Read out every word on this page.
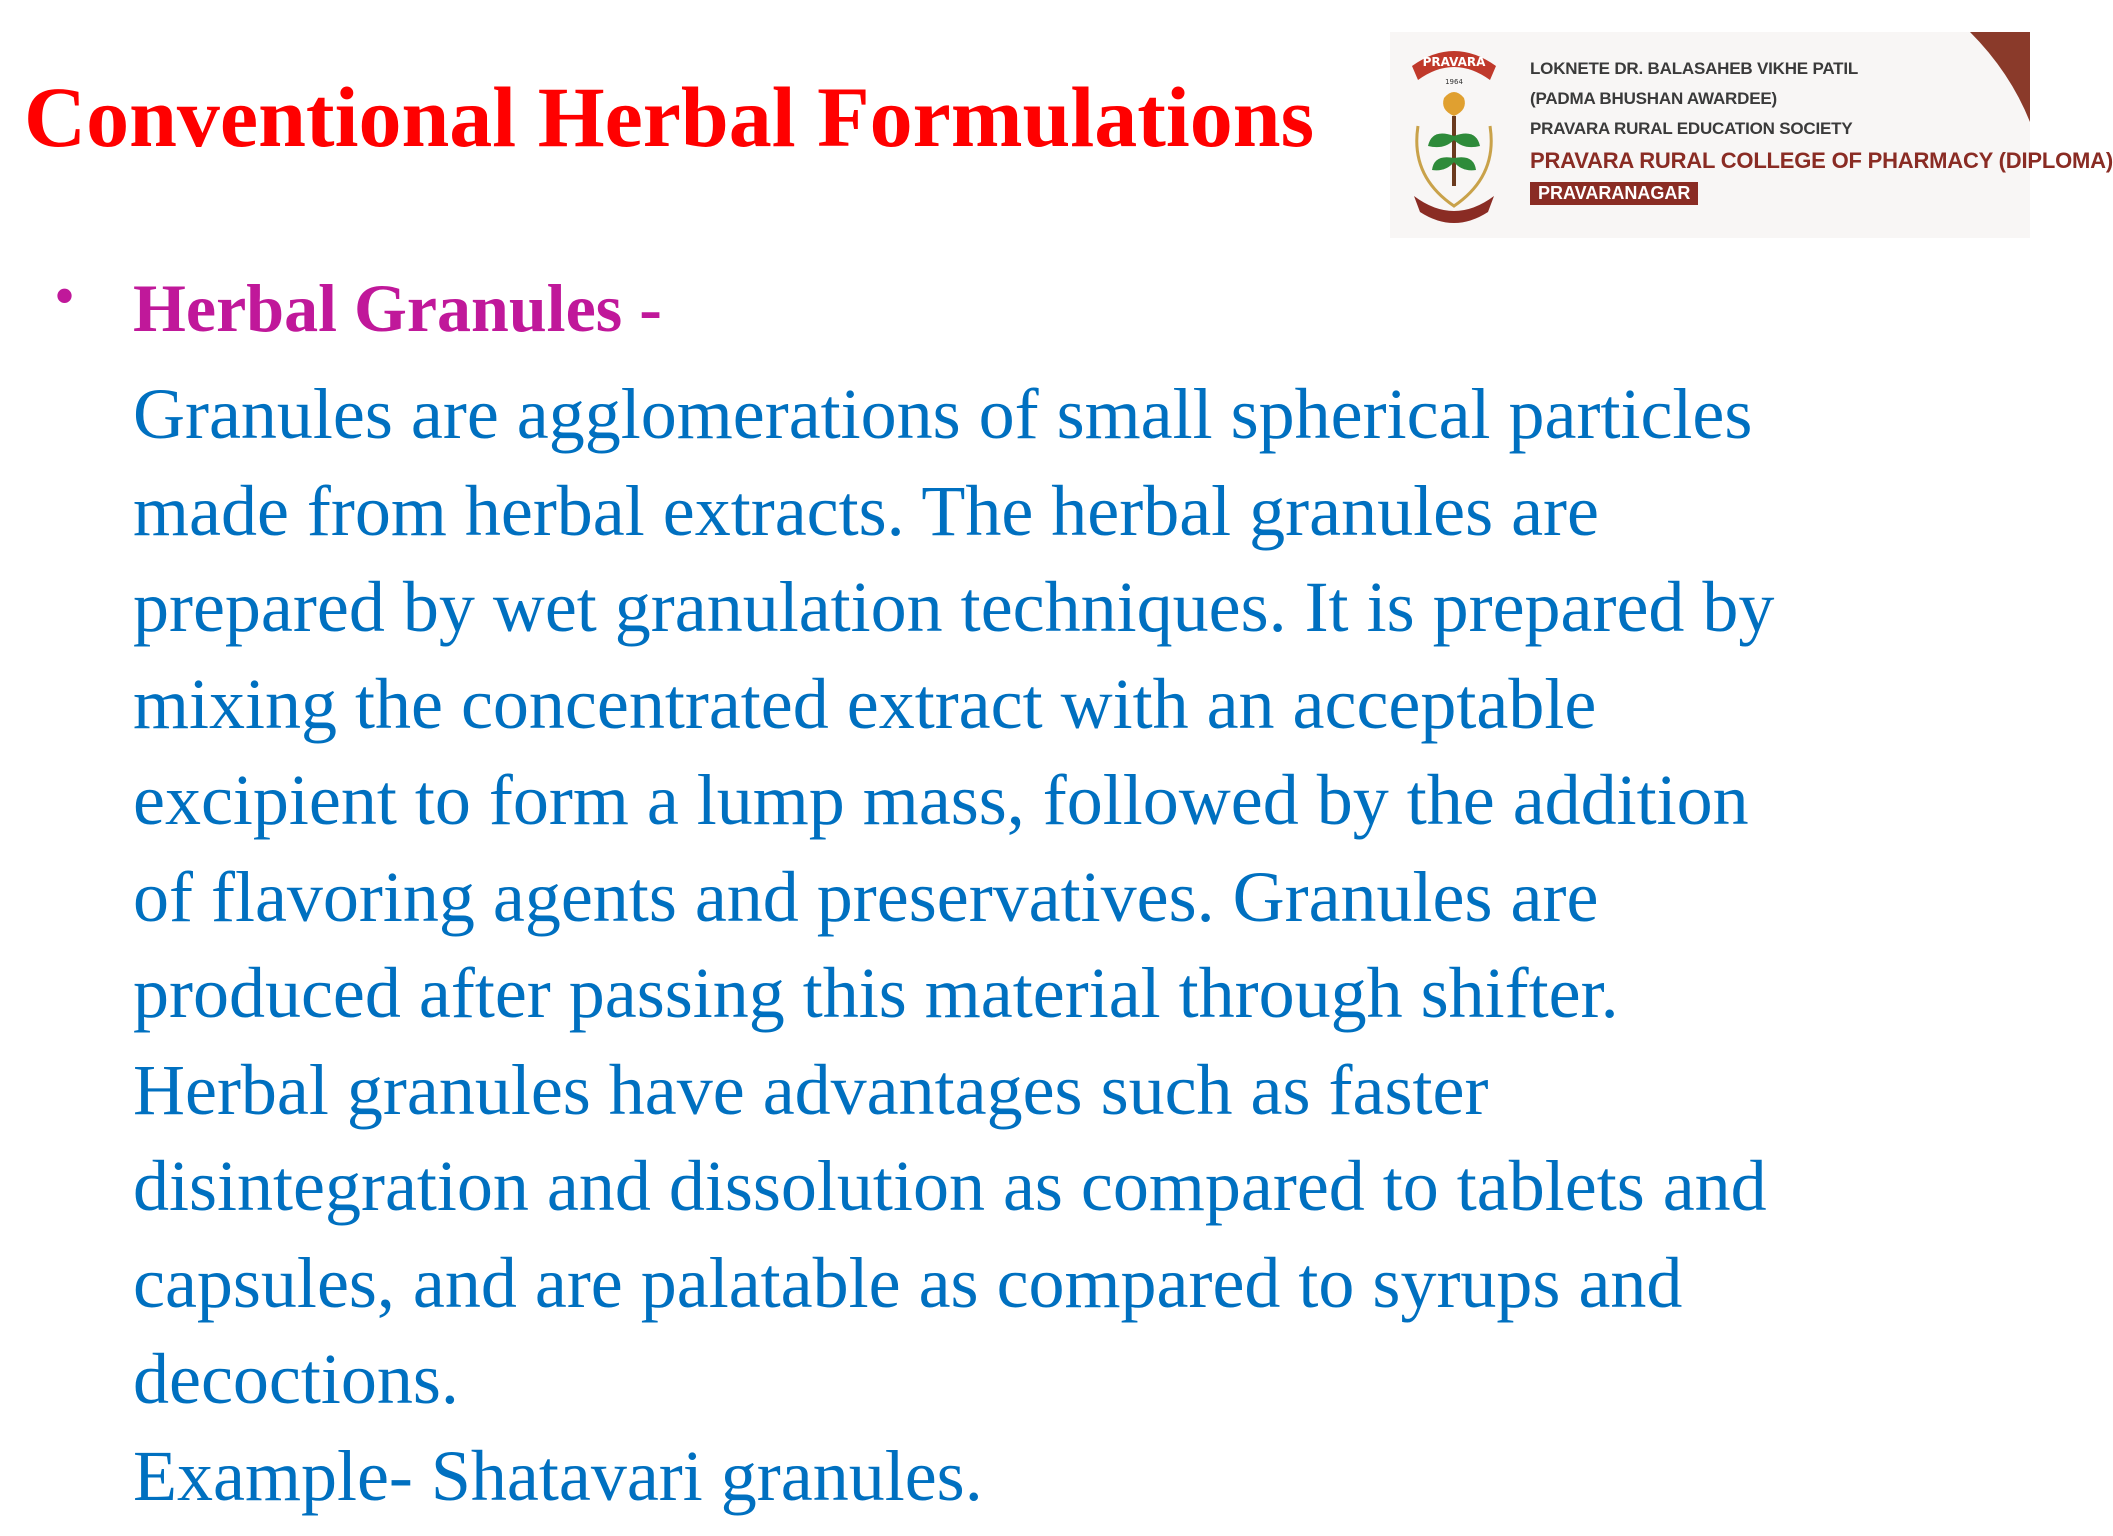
Conventional Herbal Formulations
PRAVARA
1964
LOKNETE DR. BALASAHEB VIKHE PATIL
(PADMA BHUSHAN AWARDEE)
PRAVARA RURAL EDUCATION SOCIETY
PRAVARA RURAL COLLEGE OF PHARMACY (DIPLOMA)
PRAVARANAGAR
• Herbal Granules -
Granules are agglomerations of small spherical particles
made from herbal extracts. The herbal granules are
prepared by wet granulation techniques. It is prepared by
mixing the concentrated extract with an acceptable
excipient to form a lump mass, followed by the addition
of flavoring agents and preservatives. Granules are
produced after passing this material through shifter.
Herbal granules have advantages such as faster
disintegration and dissolution as compared to tablets and
capsules, and are palatable as compared to syrups and
decoctions.
Example- Shatavari granules.
